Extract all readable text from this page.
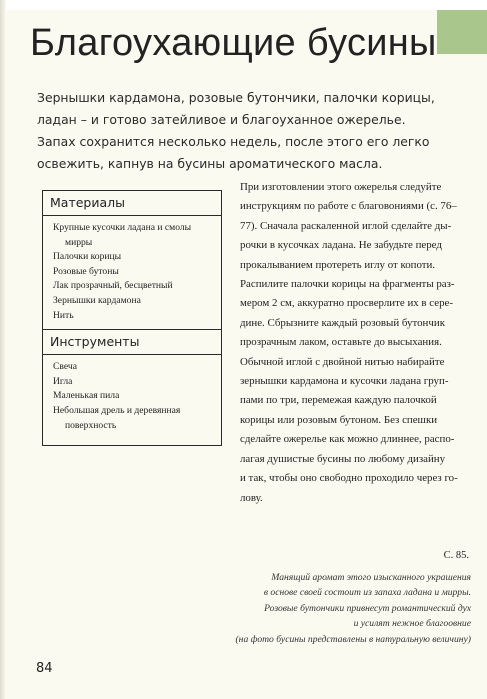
Благоухающие бусины

Зернышки кардамона, розовые бутончики, палочки корицы,

ладан – и готово затейливое и благоуханное ожерелье.

Запах сохранится несколько недель, после этого его легко

освежить, капнув на бусины ароматического масла.

Материалы
Крупные кусочки ладана и смолы
мирры
Палочки корицы
Розовые бутоны
Лак прозрачный, бесцветный
Зернышки кардамона
Нить
Инструменты
Свеча
Игла
Маленькая пила
Небольшая дрель и деревянная
поверхность

При изготовлении этого ожерелья следуйте

инструкциям по работе с благовониями (с. 76–

77). Сначала раскаленной иглой сделайте ды-

рочки в кусочках ладана. Не забудьте перед

прокалыванием протереть иглу от копоти.

Распилите палочки корицы на фрагменты раз-

мером 2 см, аккуратно просверлите их в сере-

дине. Сбрызните каждый розовый бутончик

прозрачным лаком, оставьте до высыхания.

Обычной иглой с двойной нитью набирайте

зернышки кардамона и кусочки ладана груп-

пами по три, перемежая каждую палочкой

корицы или розовым бутоном. Без спешки

сделайте ожерелье как можно длиннее, распо-

лагая душистые бусины по любому дизайну

и так, чтобы оно свободно проходило через го-

лову.

С. 85.

Манящий аромат этого изысканного украшения

в основе своей состоит из запаха ладана и мирры.

Розовые бутончики привнесут романтический дух

и усилят нежное благоовние

(на фото бусины представлены в натуральную величину)

84
